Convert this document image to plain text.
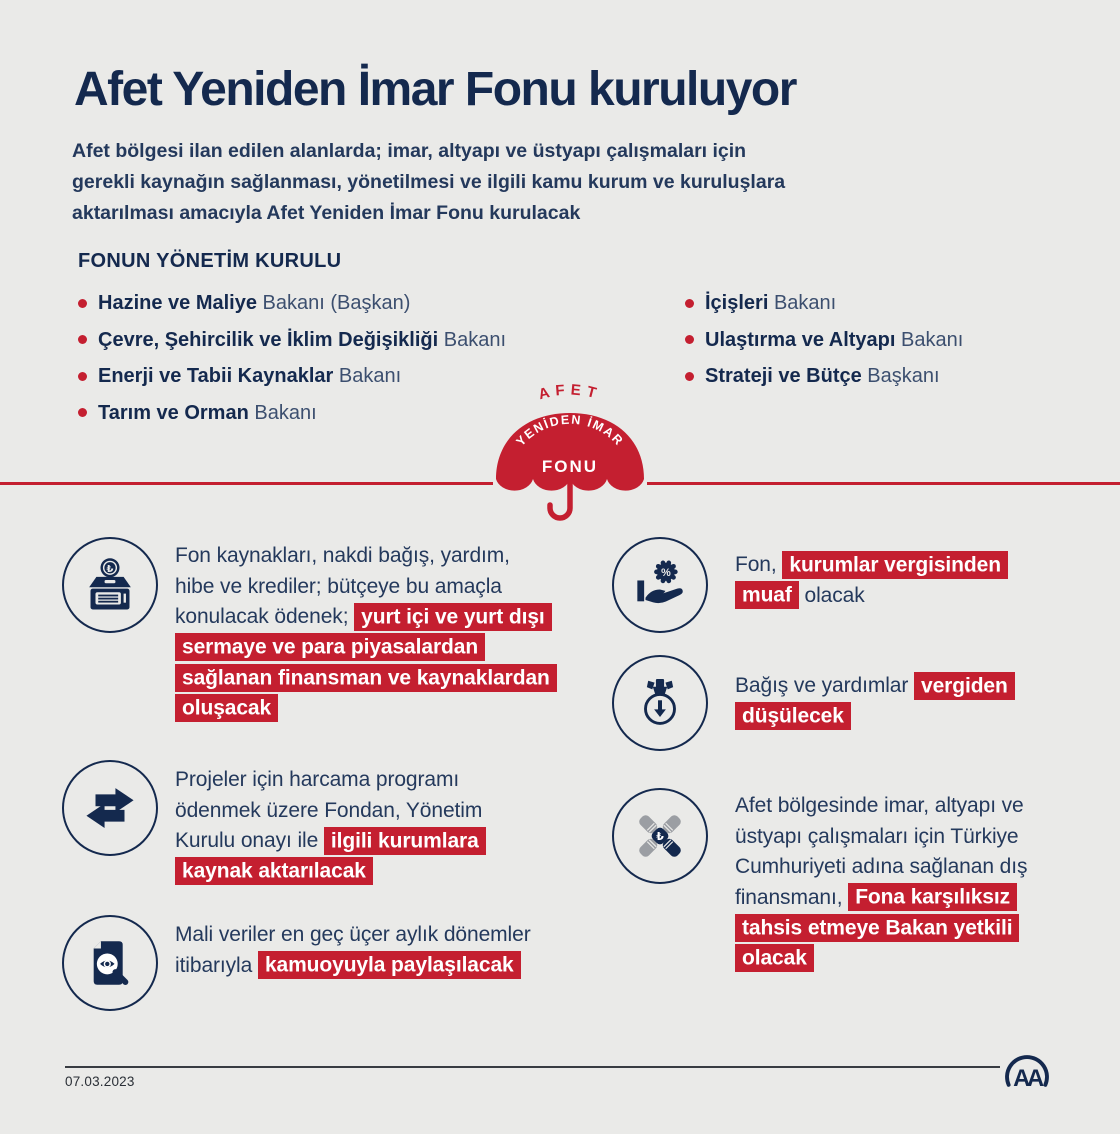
Afet Yeniden İmar Fonu kuruluyor
Afet bölgesi ilan edilen alanlarda; imar, altyapı ve üstyapı çalışmaları için
gerekli kaynağın sağlanması, yönetilmesi ve ilgili kamu kurum ve kuruluşlara
aktarılması amacıyla Afet Yeniden İmar Fonu kurulacak
FONUN YÖNETİM KURULU
Hazine ve Maliye Bakanı (Başkan)
Çevre, Şehircilik ve İklim Değişikliği Bakanı
Enerji ve Tabii Kaynaklar Bakanı
Tarım ve Orman Bakanı
İçişleri Bakanı
Ulaştırma ve Altyapı Bakanı
Strateji ve Bütçe Başkanı
AFET
YENİDEN İMAR
FONU
₺

Fon kaynakları, nakdi bağış, yardım, hibe ve krediler; bütçeye bu amaçla konulacak ödenek; yurt içi ve yurt dışı sermaye ve para piyasalardan sağlanan finansman ve kaynaklardan oluşacak

Projeler için harcama programı ödenmek üzere Fondan, Yönetim Kurulu onayı ile ilgili kurumlara kaynak aktarılacak

Mali veriler en geç üçer aylık dönemler itibarıyla kamuoyuyla paylaşılacak

%	Fon, kurumlar vergisinden muaf olacak

Bağış ve yardımlar vergiden düşülecek

₺

Afet bölgesinde imar, altyapı ve üstyapı çalışmaları için Türkiye Cumhuriyeti adına sağlanan dış finansmanı, Fona karşılıksız tahsis etmeye Bakan yetkili olacak

07.03.2023	AA
